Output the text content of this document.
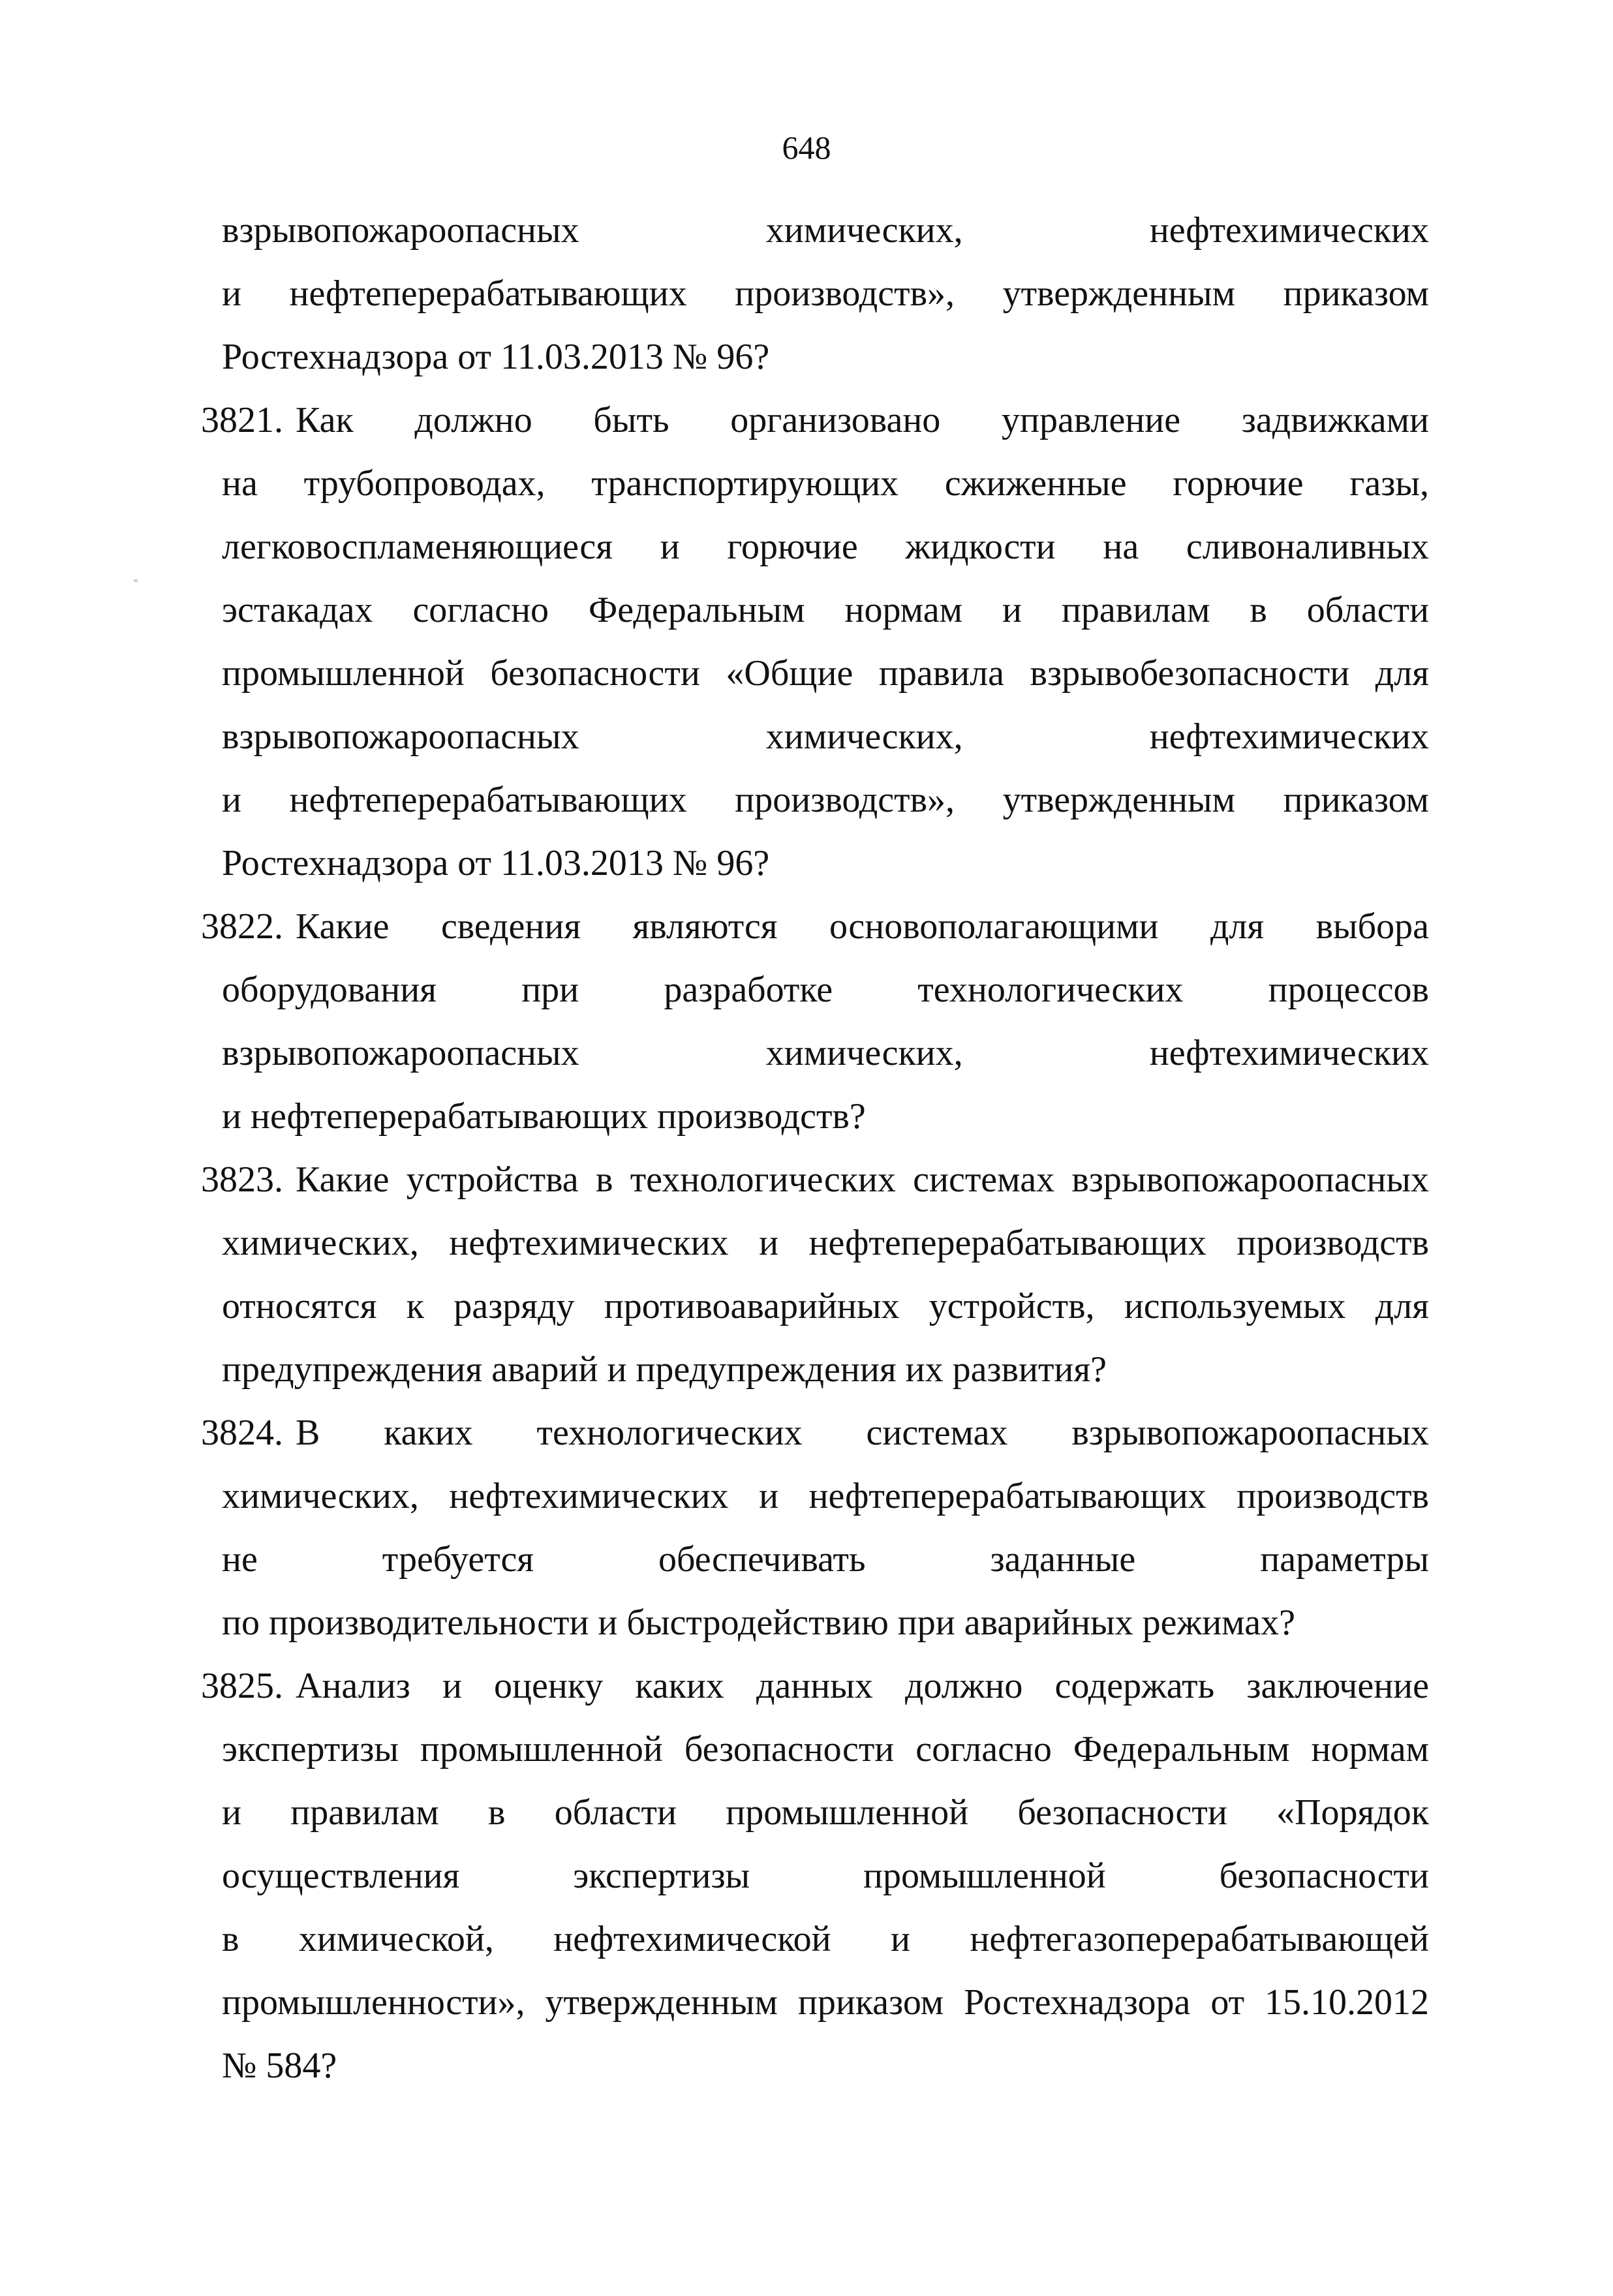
648
взрывопожароопасных химических, нефтехимических
и нефтеперерабатывающих производств», утвержденным приказом
Ростехнадзора от 11.03.2013 № 96?
3821. Как должно быть организовано управление задвижками
на трубопроводах, транспортирующих сжиженные горючие газы,
легковоспламеняющиеся и горючие жидкости на сливоналивных
эстакадах согласно Федеральным нормам и правилам в области
промышленной безопасности «Общие правила взрывобезопасности для
взрывопожароопасных химических, нефтехимических
и нефтеперерабатывающих производств», утвержденным приказом
Ростехнадзора от 11.03.2013 № 96?
3822. Какие сведения являются основополагающими для выбора
оборудования при разработке технологических процессов
взрывопожароопасных химических, нефтехимических
и нефтеперерабатывающих производств?
3823. Какие устройства в технологических системах взрывопожароопасных
химических, нефтехимических и нефтеперерабатывающих производств
относятся к разряду противоаварийных устройств, используемых для
предупреждения аварий и предупреждения их развития?
3824. В каких технологических системах взрывопожароопасных
химических, нефтехимических и нефтеперерабатывающих производств
не требуется обеспечивать заданные параметры
по производительности и быстродействию при аварийных режимах?
3825. Анализ и оценку каких данных должно содержать заключение
экспертизы промышленной безопасности согласно Федеральным нормам
и правилам в области промышленной безопасности «Порядок
осуществления экспертизы промышленной безопасности
в химической, нефтехимической и нефтегазоперерабатывающей
промышленности», утвержденным приказом Ростехнадзора от 15.10.2012
№ 584?
